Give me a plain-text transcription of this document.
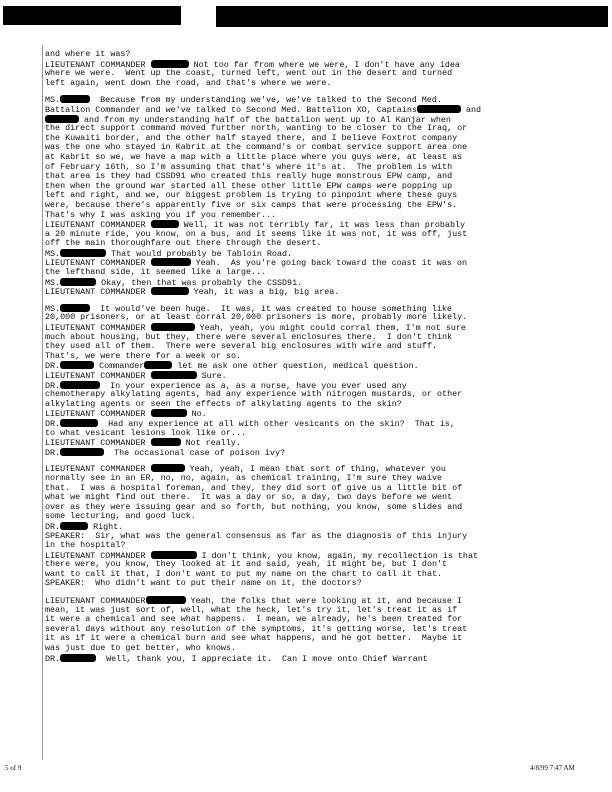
and where it was?
LIEUTENANT COMMANDER	Not too far from where we were, I don't have any idea
where we were.  Went up the coast, turned left, went out in the desert and turned
left again, went down the road, and that's where we were.
MS.	Because from my understanding we've, we've talked to the Second Med.
Battalion Commander and we've talked to Second Med. Battalion XO, Captains	and
and from my understanding half of the battalion went up to Al Kanjar when
the direct support command moved further north, wanting to be closer to the Iraq, or
the Kuwaiti border, and the other half stayed there, and I believe Foxtrot company
was the one who stayed in Kabrit at the command's or combat service support area one
at Kabrit so we, we have a map with a little place where you guys were, at least as
of February 16th, so I'm assuming that that's where it's at.  The problem is with
that area is they had CSSD91 who created this really huge monstrous EPW camp, and
then when the ground war started all these other little EPW camps were popping up
left and right, and we, our biggest problem is trying to pinpoint where these guys
were, because there's apparently five or six camps that were processing the EPW's.
That's why I was asking you if you remember...
LIEUTENANT COMMANDER	Well, it was not terribly far, it was less than probably
a 20 minute ride, you know, on a bus, and it seems like it was not, it was off, just
off the main thoroughfare out there through the desert.
MS.	That would probably be Tabloin Road.
LIEUTENANT COMMANDER	Yeah.  As you're going back toward the coast it was on
the lefthand side, it seemed like a large...
MS.	Okay, then that was probably the CSSD91.
LIEUTENANT COMMANDER	Yeah, it was a big, big area.
MS.	It would've been huge.  It was, it was created to house something like
20,000 prisoners, or at least corral 20,000 prisoners is more, probably more likely.
LIEUTENANT COMMANDER	Yeah, yeah, you might could corral them, I'm not sure
much about housing, but they, there were several enclosures there.  I don't think
they used all of them.  There were several big enclosures with wire and stuff.
That's, we were there for a week or so.
DR.	Commander	let me ask one other question, medical question.
LIEUTENANT COMMANDER	Sure.
DR.	In your experience as a, as a nurse, have you ever used any
chemotherapy alkylating agents, had any experience with nitrogen mustards, or other
alkylating agents or seen the effects of alkylating agents to the skin?
LIEUTENANT COMMANDER	No.
DR.	Had any experience at all with other vesicants on the skin?  That is,
to what vesicant lesions look like or...
LIEUTENANT COMMANDER	Not really.
DR.	The occasional case of poison ivy?
LIEUTENANT COMMANDER	Yeah, yeah, I mean that sort of thing, whatever you
normally see in an ER, no, no, again, as chemical training, I'm sure they waive
that.  I was a hospital foreman, and they, they did sort of give us a little bit of
what we might find out there.  It was a day or so, a day, two days before we went
over as they were issuing gear and so forth, but nothing, you know, some slides and
some lecturing, and good luck.
DR.	Right.
SPEAKER:  Sir, what was the general consensus as far as the diagnosis of this injury
in the hospital?
LIEUTENANT COMMANDER	I don't think, you know, again, my recollection is that
there were, you know, they looked at it and said, yeah, it might be, but I don't
want to call it that, I don't want to put my name on the chart to call it that.
SPEAKER:  Who didn't want to put their name on it, the doctors?
LIEUTENANT COMMANDER	Yeah, the folks that were looking at it, and because I
mean, it was just sort of, well, what the heck, let's try it, let's treat it as if
it were a chemical and see what happens.  I mean, we already, he's been treated for
several days without any resolution of the symptoms, it's getting worse, let's treat
it as if it were a chemical burn and see what happens, and he got better.  Maybe it
was just due to get better, who knows.
DR.	Well, thank you, I appreciate it.  Can I move onto Chief Warrant
5 of 9	4/8/99 7:47 AM
